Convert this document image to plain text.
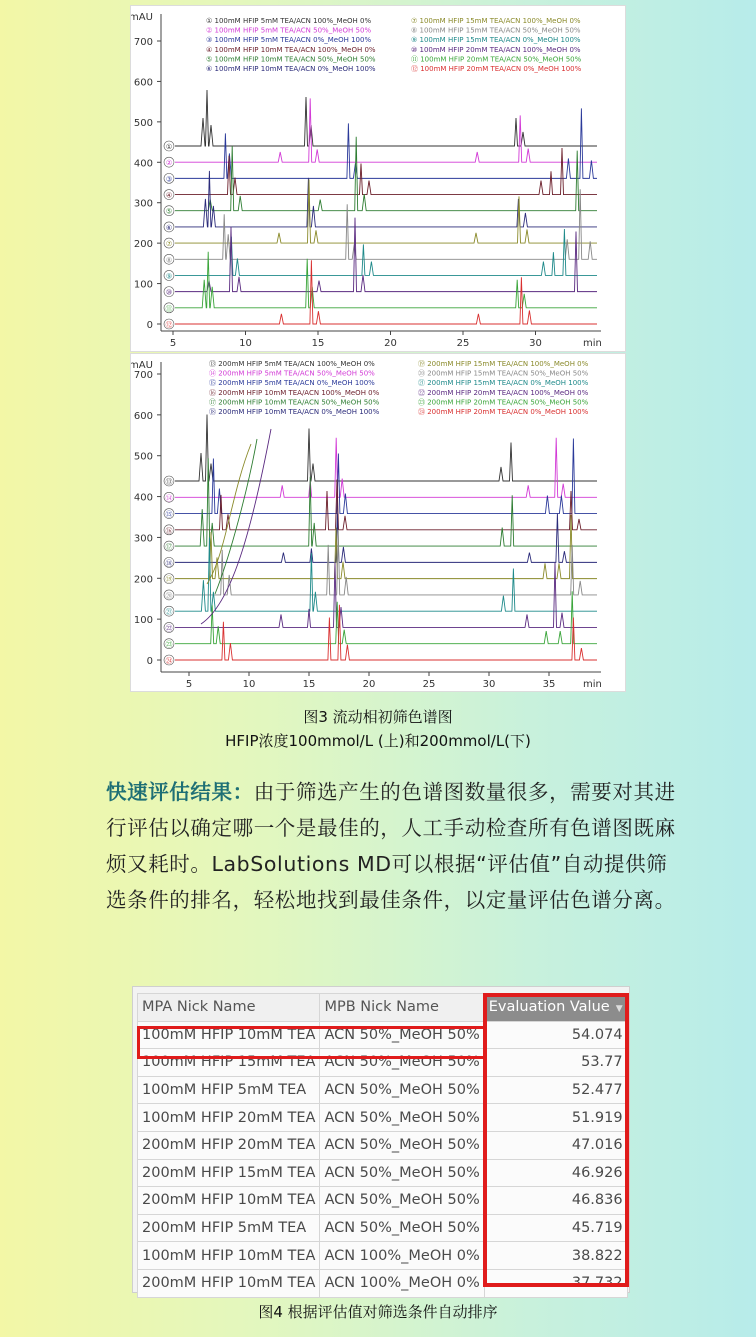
mAU
700
600
500
400
300
200
100
0
5	10	15	20	25	30	min
① 100mM HFIP 5mM TEA/ACN 100%_MeOH 0%
② 100mM HFIP 5mM TEA/ACN 50%_MeOH 50%
③ 100mM HFIP 5mM TEA/ACN 0%_MeOH 100%
④ 100mM HFIP 10mM TEA/ACN 100%_MeOH 0%
⑤ 100mM HFIP 10mM TEA/ACN 50%_MeOH 50%
⑥ 100mM HFIP 10mM TEA/ACN 0%_MeOH 100%
⑦ 100mM HFIP 15mM TEA/ACN 100%_MeOH 0%
⑧ 100mM HFIP 15mM TEA/ACN 50%_MeOH 50%
⑨ 100mM HFIP 15mM TEA/ACN 0%_MeOH 100%
⑩ 100mM HFIP 20mM TEA/ACN 100%_MeOH 0%
⑪ 100mM HFIP 20mM TEA/ACN 50%_MeOH 50%
⑫ 100mM HFIP 20mM TEA/ACN 0%_MeOH 100%
①
②
③
④
⑤
⑥
⑦
⑧
⑨
⑩
⑪
⑫
mAU
700
600
500
400
300
200
100
0
5	10	15	20	25	30	35	min
⑬ 200mM HFIP 5mM TEA/ACN 100%_MeOH 0%
⑭ 200mM HFIP 5mM TEA/ACN 50%_MeOH 50%
⑮ 200mM HFIP 5mM TEA/ACN 0%_MeOH 100%
⑯ 200mM HFIP 10mM TEA/ACN 100%_MeOH 0%
⑰ 200mM HFIP 10mM TEA/ACN 50%_MeOH 50%
⑱ 200mM HFIP 10mM TEA/ACN 0%_MeOH 100%
⑲ 200mM HFIP 15mM TEA/ACN 100%_MeOH 0%
⑳ 200mM HFIP 15mM TEA/ACN 50%_MeOH 50%
㉑ 200mM HFIP 15mM TEA/ACN 0%_MeOH 100%
㉒ 200mM HFIP 20mM TEA/ACN 100%_MeOH 0%
㉓ 200mM HFIP 20mM TEA/ACN 50%_MeOH 50%
㉔ 200mM HFIP 20mM TEA/ACN 0%_MeOH 100%
⑬
⑭
⑮
⑯
⑰
⑱
⑲
⑳
㉑
㉒
㉓
㉔
图3 流动相初筛色谱图
HFIP浓度100mmol/L (上)和200mmol/L(下)
快速评估结果：由于筛选产生的色谱图数量很多，需要对其进行评估以确定哪一个是最佳的，人工手动检查所有色谱图既麻烦又耗时。LabSolutions MD可以根据“评估值”自动提供筛选条件的排名，轻松地找到最佳条件，以定量评估色谱分离。
MPA Nick Name	MPB Nick Name	Evaluation Value ▼
100mM HFIP 10mM TEA	ACN 50%_MeOH 50%	54.074
100mM HFIP 15mM TEA	ACN 50%_MeOH 50%	53.77
100mM HFIP 5mM TEA	ACN 50%_MeOH 50%	52.477
100mM HFIP 20mM TEA	ACN 50%_MeOH 50%	51.919
200mM HFIP 20mM TEA	ACN 50%_MeOH 50%	47.016
200mM HFIP 15mM TEA	ACN 50%_MeOH 50%	46.926
200mM HFIP 10mM TEA	ACN 50%_MeOH 50%	46.836
200mM HFIP 5mM TEA	ACN 50%_MeOH 50%	45.719
100mM HFIP 10mM TEA	ACN 100%_MeOH 0%	38.822
200mM HFIP 10mM TEA	ACN 100%_MeOH 0%	37.732
图4 根据评估值对筛选条件自动排序
